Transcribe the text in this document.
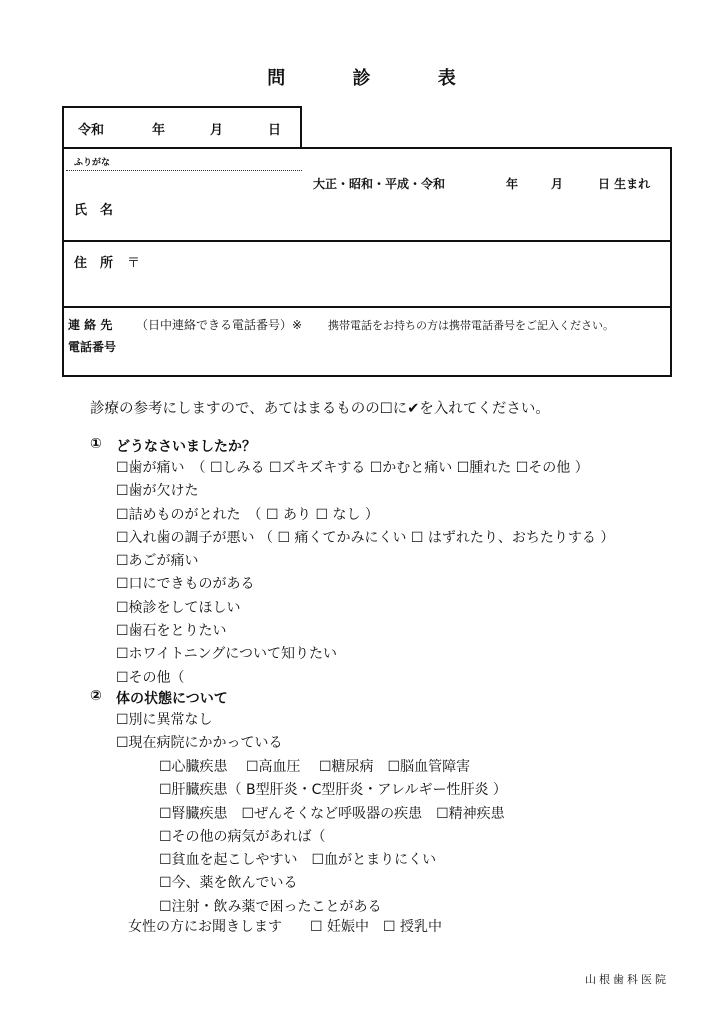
問	診	表
令和	年	月	日
ふりがな
氏　名
大正・昭和・平成・令和	年	月	日 生まれ
住　所 〒
連 絡 先 （日中連絡できる電話番号）※ 携帯電話をお持ちの方は携帯電話番号をご記入ください。
電話番号
診療の参考にしますので、あてはまるものの☐に✔を入れてください。
① どうなさいましたか？
☐歯が痛い　（ ☐しみる ☐ズキズキする ☐かむと痛い ☐腫れた ☐その他 ）
☐歯が欠けた
☐詰めものがとれた　（ ☐ あり ☐ なし ）
☐入れ歯の調子が悪い （ ☐ 痛くてかみにくい ☐ はずれたり、おちたりする ）
☐あごが痛い
☐口にできものがある
☐検診をしてほしい
☐歯石をとりたい
☐ホワイトニングについて知りたい
☐その他（
② 体の状態について
☐別に異常なし
☐現在病院にかかっている
☐心臓疾患　 ☐高血圧　 ☐糖尿病　☐脳血管障害
☐肝臓疾患（ B型肝炎・C型肝炎・アレルギー性肝炎 ）
☐腎臓疾患　☐ぜんそくなど呼吸器の疾患　☐精神疾患
☐その他の病気があれば（
☐貧血を起こしやすい　☐血がとまりにくい
☐今、薬を飲んでいる
☐注射・飲み薬で困ったことがある
女性の方にお聞きします　　☐ 妊娠中　☐ 授乳中
山根歯科医院
